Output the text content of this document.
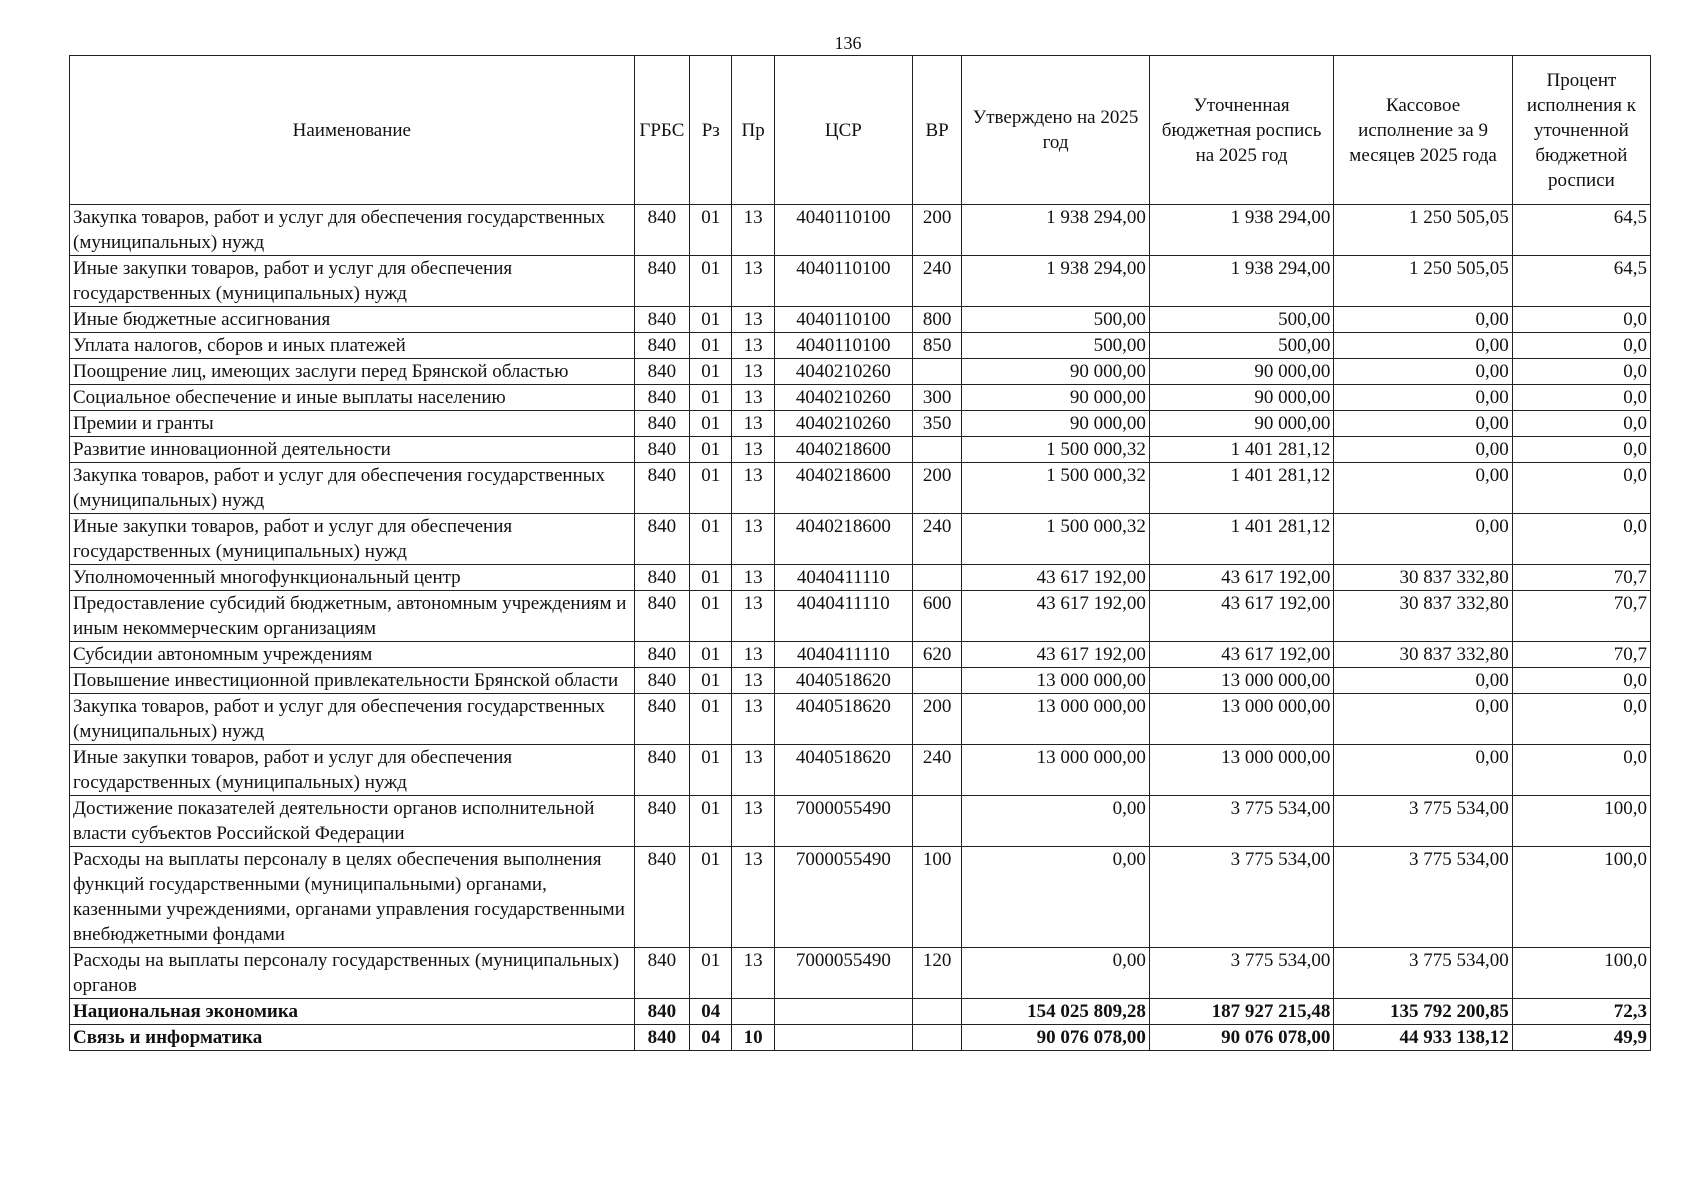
136
Наименование	ГРБС	Рз	Пр	ЦСР	ВР	Утверждено на 2025 год	Уточненная бюджетная роспись на 2025 год	Кассовое исполнение за 9 месяцев 2025 года	Процент исполнения к уточненной бюджетной росписи
Закупка товаров, работ и услуг для обеспечения государственных (муниципальных) нужд	840	01	13	4040110100	200	1 938 294,00	1 938 294,00	1 250 505,05	64,5
Иные закупки товаров, работ и услуг для обеспечения государственных (муниципальных) нужд	840	01	13	4040110100	240	1 938 294,00	1 938 294,00	1 250 505,05	64,5
Иные бюджетные ассигнования	840	01	13	4040110100	800	500,00	500,00	0,00	0,0
Уплата налогов, сборов и иных платежей	840	01	13	4040110100	850	500,00	500,00	0,00	0,0
Поощрение лиц, имеющих заслуги перед Брянской областью	840	01	13	4040210260		90 000,00	90 000,00	0,00	0,0
Социальное обеспечение и иные выплаты населению	840	01	13	4040210260	300	90 000,00	90 000,00	0,00	0,0
Премии и гранты	840	01	13	4040210260	350	90 000,00	90 000,00	0,00	0,0
Развитие инновационной деятельности	840	01	13	4040218600		1 500 000,32	1 401 281,12	0,00	0,0
Закупка товаров, работ и услуг для обеспечения государственных (муниципальных) нужд	840	01	13	4040218600	200	1 500 000,32	1 401 281,12	0,00	0,0
Иные закупки товаров, работ и услуг для обеспечения государственных (муниципальных) нужд	840	01	13	4040218600	240	1 500 000,32	1 401 281,12	0,00	0,0
Уполномоченный многофункциональный центр	840	01	13	4040411110		43 617 192,00	43 617 192,00	30 837 332,80	70,7
Предоставление субсидий бюджетным, автономным учреждениям и иным некоммерческим организациям	840	01	13	4040411110	600	43 617 192,00	43 617 192,00	30 837 332,80	70,7
Субсидии автономным учреждениям	840	01	13	4040411110	620	43 617 192,00	43 617 192,00	30 837 332,80	70,7
Повышение инвестиционной привлекательности Брянской области	840	01	13	4040518620		13 000 000,00	13 000 000,00	0,00	0,0
Закупка товаров, работ и услуг для обеспечения государственных (муниципальных) нужд	840	01	13	4040518620	200	13 000 000,00	13 000 000,00	0,00	0,0
Иные закупки товаров, работ и услуг для обеспечения государственных (муниципальных) нужд	840	01	13	4040518620	240	13 000 000,00	13 000 000,00	0,00	0,0
Достижение показателей деятельности органов исполнительной власти субъектов Российской Федерации	840	01	13	7000055490		0,00	3 775 534,00	3 775 534,00	100,0
Расходы на выплаты персоналу в целях обеспечения выполнения функций государственными (муниципальными) органами, казенными учреждениями, органами управления государственными внебюджетными фондами	840	01	13	7000055490	100	0,00	3 775 534,00	3 775 534,00	100,0
Расходы на выплаты персоналу государственных (муниципальных) органов	840	01	13	7000055490	120	0,00	3 775 534,00	3 775 534,00	100,0
Национальная экономика	840	04				154 025 809,28	187 927 215,48	135 792 200,85	72,3
Связь и информатика	840	04	10			90 076 078,00	90 076 078,00	44 933 138,12	49,9
